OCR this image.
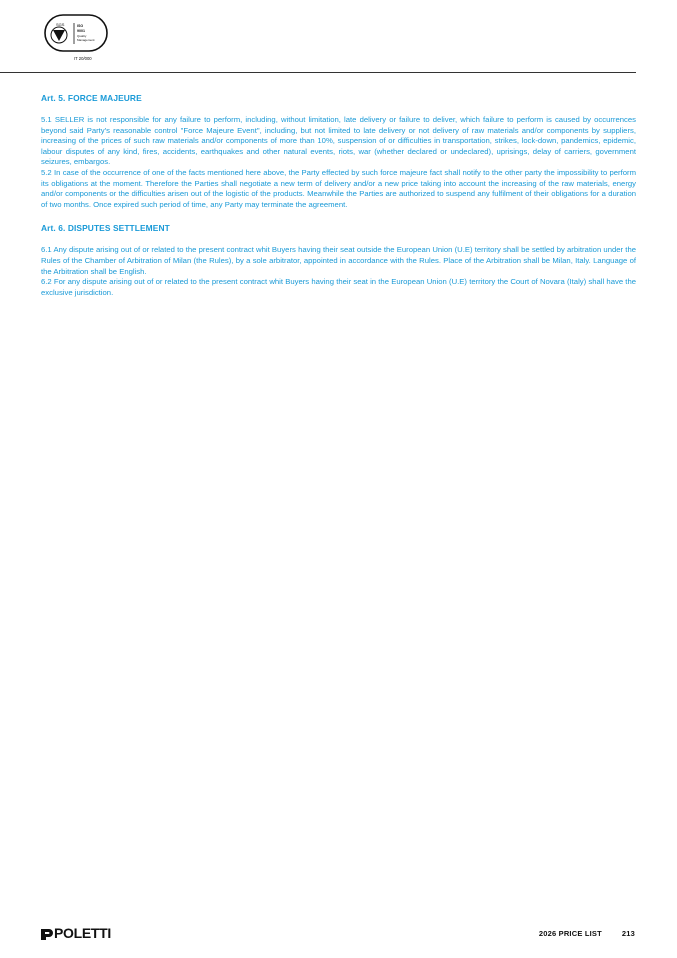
SGS	ISO
9001
Quality
Management
IT 20/000

Art. 5. FORCE MAJEURE

5.1 SELLER is not responsible for any failure to perform, including, without limitation, late delivery or failure to deliver, which failure to perform is caused by occurrences beyond said Party's reasonable control "Force Majeure Event", including, but not limited to late delivery or not delivery of raw materials and/or components by suppliers, increasing of the prices of such raw materials and/or components of more than 10%, suspension of or difficulties in transportation, strikes, lock-down, pandemics, epidemic, labour disputes of any kind, fires, accidents, earthquakes and other natural events, riots, war (whether declared or undeclared), uprisings, delay of carriers, government seizures, embargos.

5.2 In case of the occurrence of one of the facts mentioned here above, the Party effected by such force majeure fact shall notify to the other party the impossibility to perform its obligations at the moment. Therefore the Parties shall negotiate a new term of delivery and/or a new price taking into account the increasing of the raw materials, energy and/or components or the difficulties arisen out of the logistic of the products. Meanwhile the Parties are authorized to suspend any fulfilment of their obligations for a duration of two months. Once expired such period of time, any Party may terminate the agreement.

Art. 6. DISPUTES SETTLEMENT

6.1 Any dispute arising out of or related to the present contract whit Buyers having their seat outside the European Union (U.E) territory shall be settled by arbitration under the Rules of the Chamber of Arbitration of Milan (the Rules), by a sole arbitrator, appointed in accordance with the Rules. Place of the Arbitration shall be Milan, Italy. Language of the Arbitration shall be English.

6.2 For any dispute arising out of or related to the present contract whit Buyers having their seat in the European Union (U.E) territory the Court of Novara (Italy) shall have the exclusive jurisdiction.

POLETTI	2026 PRICE LIST	213
